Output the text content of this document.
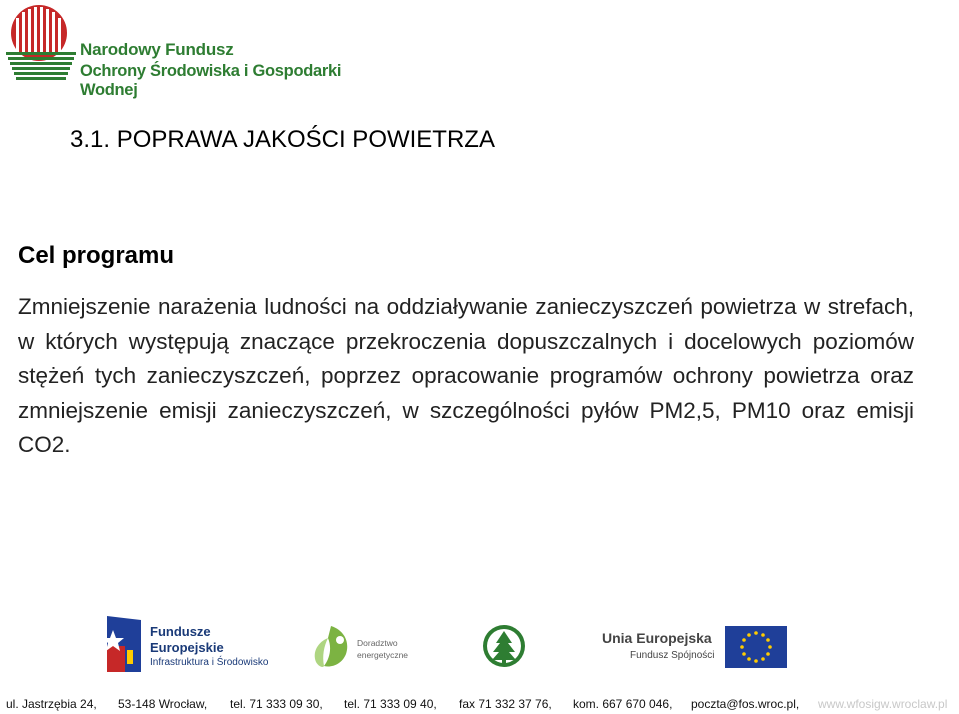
Narodowy Fundusz
Ochrony Środowiska i Gospodarki Wodnej
3.1. POPRAWA JAKOŚCI POWIETRZA
Cel programu
Zmniejszenie narażenia ludności na oddziaływanie zanieczyszczeń powietrza w strefach, w których występują znaczące przekroczenia dopuszczalnych i docelowych poziomów stężeń tych zanieczyszczeń, poprzez opracowanie programów ochrony powietrza oraz zmniejszenie emisji zanieczyszczeń, w szczególności pyłów PM2,5, PM10 oraz emisji CO2.
Fundusze
Europejskie
Infrastruktura i Środowisko
Doradztwo
energetyczne
Unia Europejska
Fundusz Spójności
ul. Jastrzębia 24, 53-148 Wrocław, tel. 71 333 09 30, tel. 71 333 09 40, fax 71 332 37 76, kom. 667 670 046, poczta@fos.wroc.pl, www.wfosigw.wroclaw.pl
